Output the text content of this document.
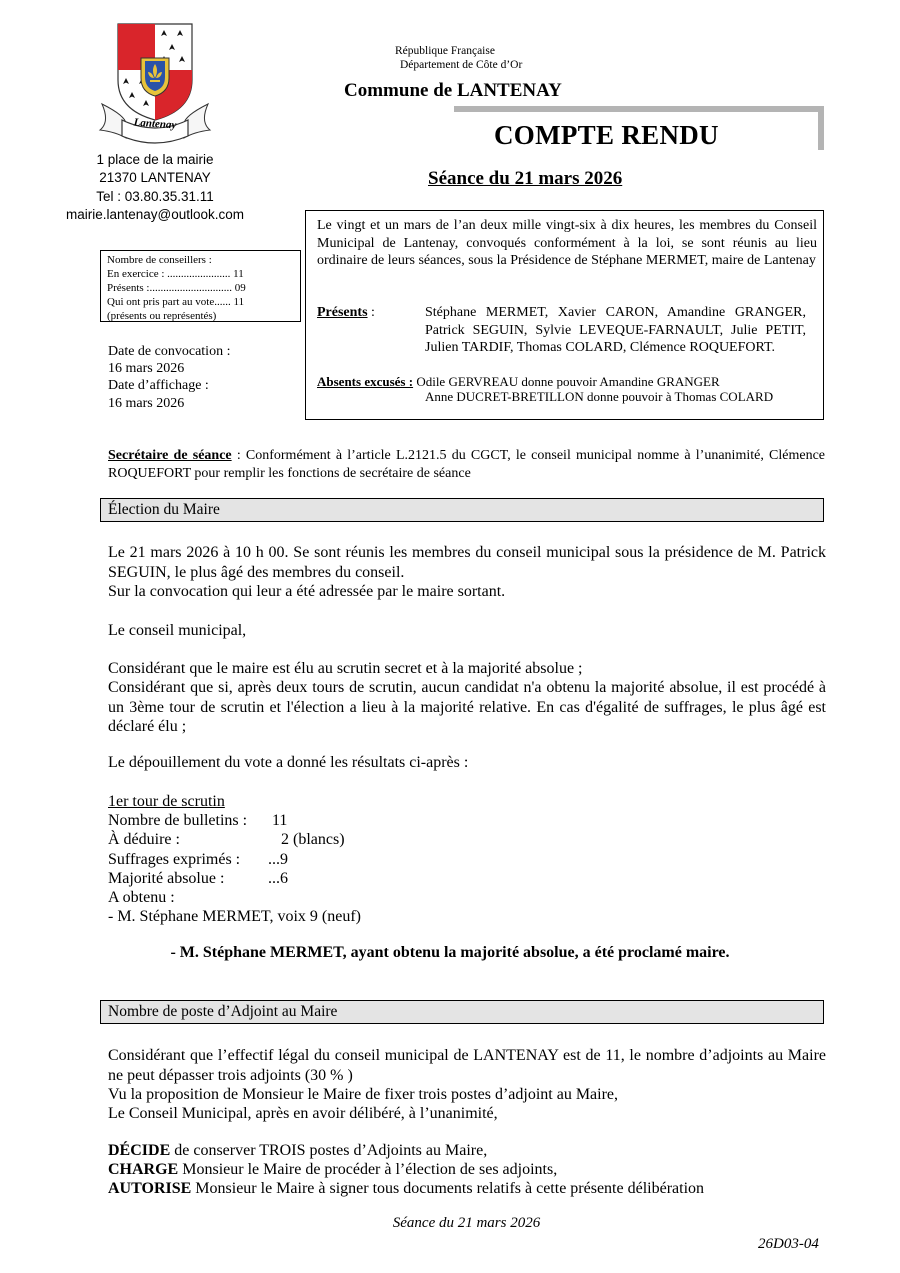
Lantenay
1 place de la mairie
21370 LANTENAY
Tel : 03.80.35.31.11
mairie.lantenay@outlook.com
République Française
Département de Côte d’Or
Commune de LANTENAY
COMPTE RENDU
Séance du 21 mars 2026
Nombre de conseillers :
En exercice : ....................... 11
Présents :.............................. 09
Qui ont pris part au vote...... 11
(présents ou représentés)
Date de convocation :
16 mars 2026
Date d’affichage :
16 mars 2026
Le vingt et un mars de l’an deux mille vingt-six à dix heures, les membres du Conseil Municipal de Lantenay, convoqués conformément à la loi, se sont réunis au lieu ordinaire de leurs séances, sous la Présidence de Stéphane MERMET, maire de Lantenay
Présents :	Stéphane MERMET, Xavier CARON, Amandine GRANGER, Patrick SEGUIN, Sylvie LEVEQUE-FARNAULT, Julie PETIT, Julien TARDIF, Thomas COLARD, Clémence ROQUEFORT.
Absents excusés : Odile GERVREAU donne pouvoir Amandine GRANGER
Anne DUCRET-BRETILLON donne pouvoir à Thomas COLARD
Secrétaire de séance : Conformément à l’article L.2121.5 du CGCT, le conseil municipal nomme à l’unanimité, Clémence ROQUEFORT pour remplir les fonctions de secrétaire de séance
Élection du Maire
Le 21 mars 2026 à 10 h 00. Se sont réunis les membres du conseil municipal sous la présidence de M. Patrick SEGUIN, le plus âgé des membres du conseil.
Sur la convocation qui leur a été adressée par le maire sortant.
Le conseil municipal,
Considérant que le maire est élu au scrutin secret et à la majorité absolue ;
Considérant que si, après deux tours de scrutin, aucun candidat n'a obtenu la majorité absolue, il est procédé à un 3ème tour de scrutin et l'élection a lieu à la majorité relative. En cas d'égalité de suffrages, le plus âgé est déclaré élu ;
Le dépouillement du vote a donné les résultats ci-après :
1er tour de scrutin
Nombre de bulletins : 11
À déduire :	2 (blancs)
Suffrages exprimés : ...9
Majorité absolue :	...6
A obtenu :
- M. Stéphane MERMET, voix 9 (neuf)
- M. Stéphane MERMET, ayant obtenu la majorité absolue, a été proclamé maire.
Nombre de poste d’Adjoint au Maire
Considérant que l’effectif légal du conseil municipal de LANTENAY est de 11, le nombre d’adjoints au Maire ne peut dépasser trois adjoints (30 % )
Vu la proposition de Monsieur le Maire de fixer trois postes d’adjoint au Maire,
Le Conseil Municipal, après en avoir délibéré, à l’unanimité,
DÉCIDE de conserver TROIS postes d’Adjoints au Maire,
CHARGE Monsieur le Maire de procéder à l’élection de ses adjoints,
AUTORISE Monsieur le Maire à signer tous documents relatifs à cette présente délibération
Séance du 21 mars 2026
26D03-04
